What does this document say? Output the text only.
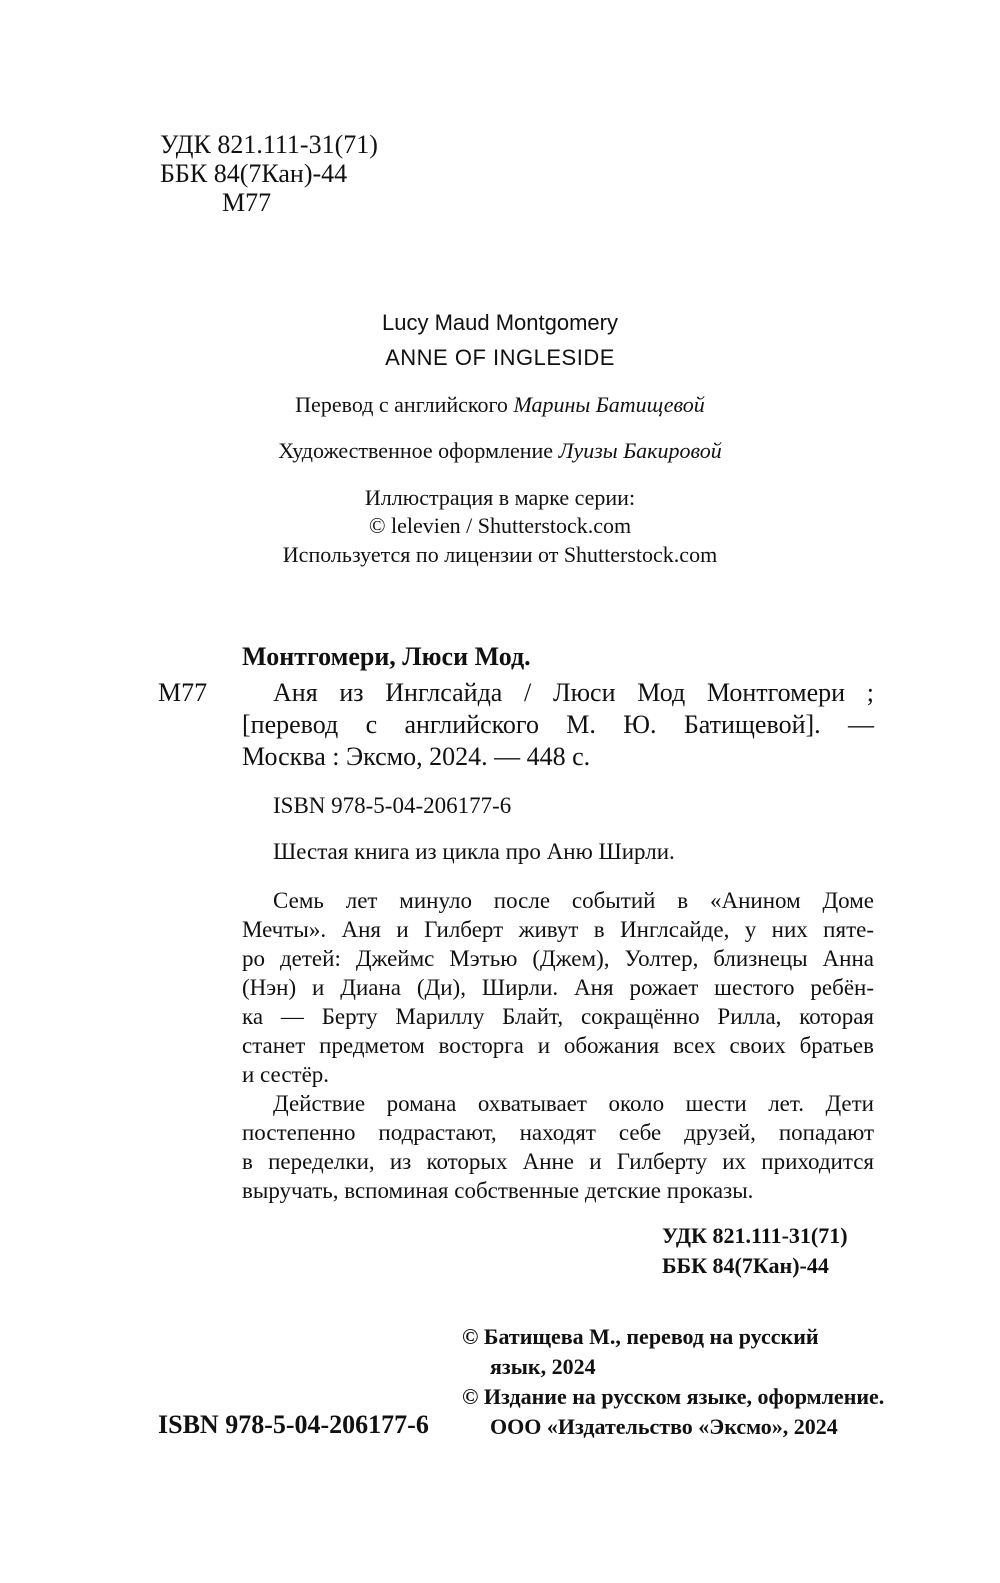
УДК 821.111-31(71)
ББК 84(7Кан)-44
М77
Lucy Maud Montgomery
ANNE OF INGLESIDE
Перевод с английского Марины Батищевой
Художественное оформление Луизы Бакировой
Иллюстрация в марке серии:
© lelevien / Shutterstock.com
Используется по лицензии от Shutterstock.com
Монтгомери, Люси Мод.
М77	Аня из Инглсайда / Люси Мод Монтгомери ;
[перевод с английского М. Ю. Батищевой]. —
Москва : Эксмо, 2024. — 448 с.
ISBN 978-5-04-206177-6
Шестая книга из цикла про Аню Ширли.
Семь лет минуло после событий в «Анином Доме
Мечты». Аня и Гилберт живут в Инглсайде, у них пяте-
ро детей: Джеймс Мэтью (Джем), Уолтер, близнецы Анна
(Нэн) и Диана (Ди), Ширли. Аня рожает шестого ребён-
ка — Берту Мариллу Блайт, сокращённо Рилла, которая
станет предметом восторга и обожания всех своих братьев
и сестёр.
Действие романа охватывает около шести лет. Дети
постепенно подрастают, находят себе друзей, попадают
в переделки, из которых Анне и Гилберту их приходится
выручать, вспоминая собственные детские проказы.
УДК 821.111-31(71)
ББК 84(7Кан)-44
© Батищева М., перевод на русский
язык, 2024
© Издание на русском языке, оформление.
ООО «Издательство «Эксмо», 2024
ISBN 978-5-04-206177-6
